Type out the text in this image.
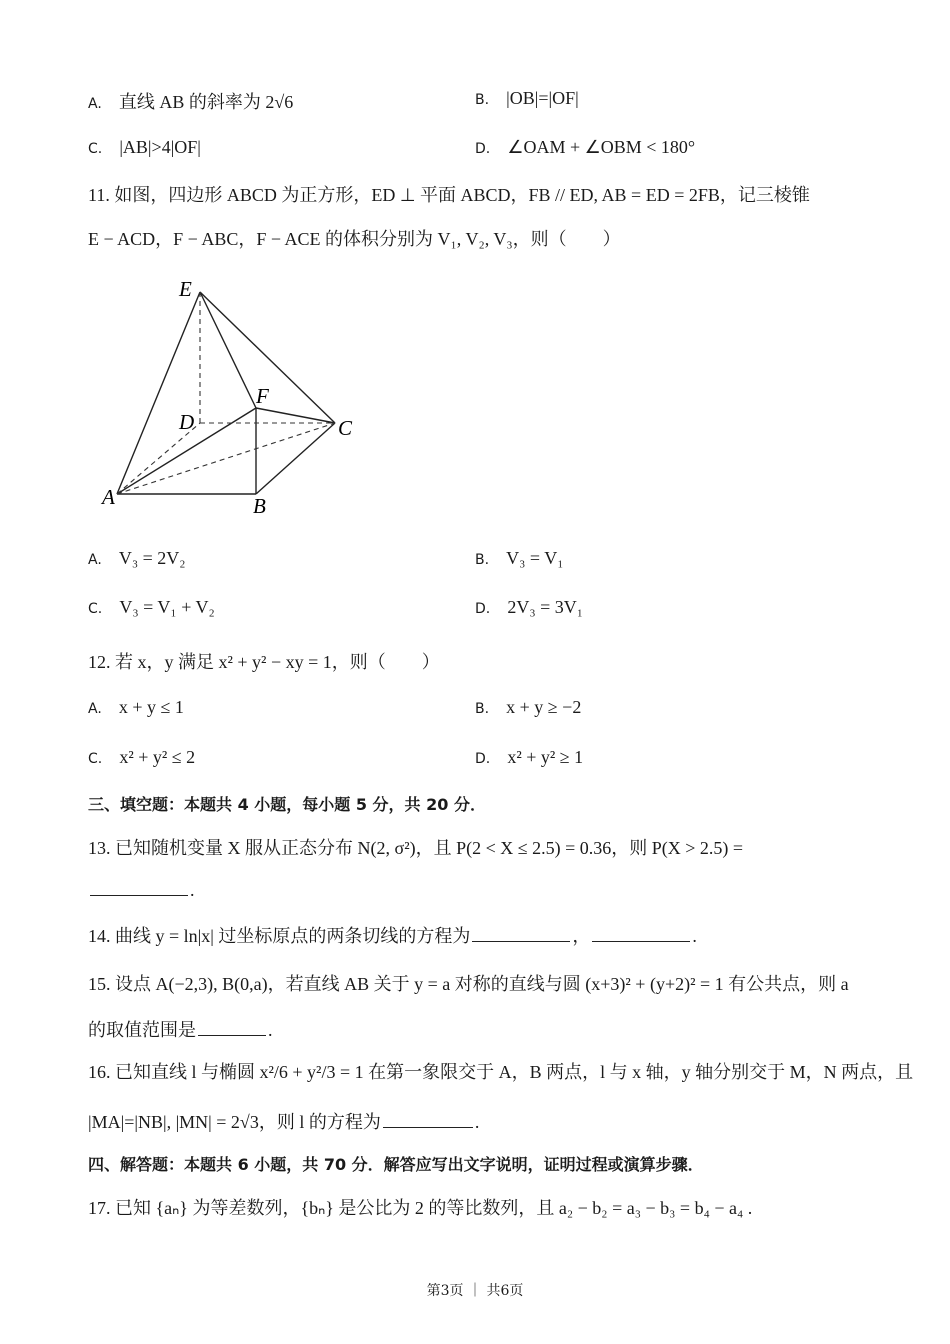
A. 直线 AB 的斜率为 2√6	B. |OB|=|OF|
C. |AB|>4|OF|	D. ∠OAM + ∠OBM < 180°
11. 如图，四边形 ABCD 为正方形，ED ⊥ 平面 ABCD，FB // ED, AB = ED = 2FB，记三棱锥
E − ACD，F − ABC，F − ACE 的体积分别为 V₁, V₂, V₃，则（　　）
E
F
D	C
A	B
A. V₃ = 2V₂	B. V₃ = V₁
C. V₃ = V₁ + V₂	D. 2V₃ = 3V₁
12. 若 x，y 满足 x² + y² − xy = 1，则（　　）
A. x + y ≤ 1	B. x + y ≥ −2
C. x² + y² ≤ 2	D. x² + y² ≥ 1
三、填空题：本题共 4 小题，每小题 5 分，共 20 分．
13. 已知随机变量 X 服从正态分布 N(2, σ²)，且 P(2 < X ≤ 2.5) = 0.36，则 P(X > 2.5) =
.
14. 曲线 y = ln|x| 过坐标原点的两条切线的方程为	，	.
15. 设点 A(−2,3), B(0,a)，若直线 AB 关于 y = a 对称的直线与圆 (x+3)² + (y+2)² = 1 有公共点，则 a
的取值范围是	.
16. 已知直线 l 与椭圆 x²/6 + y²/3 = 1 在第一象限交于 A，B 两点，l 与 x 轴，y 轴分别交于 M，N 两点，且
|MA|=|NB|, |MN| = 2√3，则 l 的方程为	.
四、解答题：本题共 6 小题，共 70 分．解答应写出文字说明，证明过程或演算步骤．
17. 已知 {aₙ} 为等差数列，{bₙ} 是公比为 2 的等比数列，且 a₂ − b₂ = a₃ − b₃ = b₄ − a₄ .
第3页 ｜ 共6页
